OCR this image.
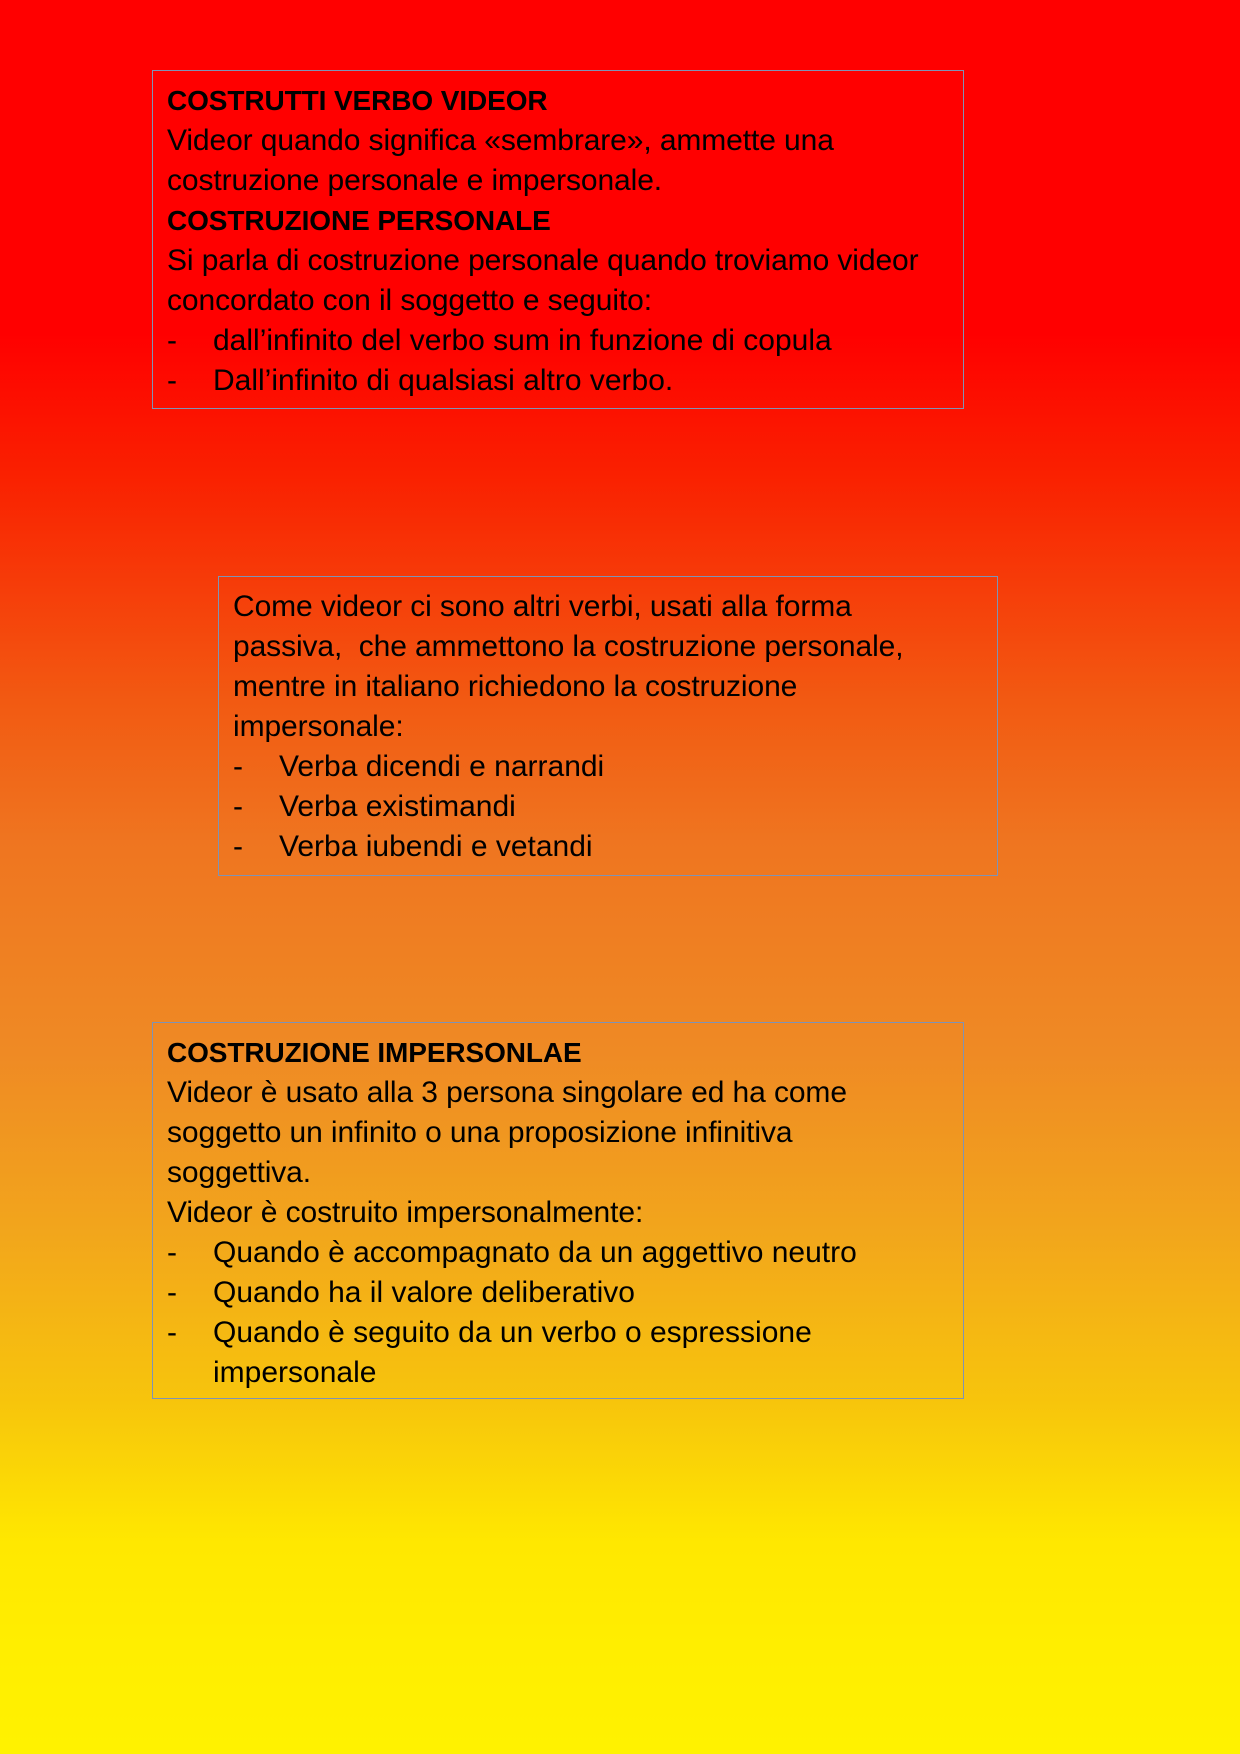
COSTRUTTI VERBO VIDEOR
Videor quando significa «sembrare», ammette una
costruzione personale e impersonale.
COSTRUZIONE PERSONALE
Si parla di costruzione personale quando troviamo videor
concordato con il soggetto e seguito:
-	dall’infinito del verbo sum in funzione di copula
-	Dall’infinito di qualsiasi altro verbo.
Come videor ci sono altri verbi, usati alla forma
passiva,  che ammettono la costruzione personale,
mentre in italiano richiedono la costruzione
impersonale:
-	Verba dicendi e narrandi
-	Verba existimandi
-	Verba iubendi e vetandi
COSTRUZIONE IMPERSONLAE
Videor è usato alla 3 persona singolare ed ha come
soggetto un infinito o una proposizione infinitiva
soggettiva.
Videor è costruito impersonalmente:
-	Quando è accompagnato da un aggettivo neutro
-	Quando ha il valore deliberativo
-	Quando è seguito da un verbo o espressione
impersonale
